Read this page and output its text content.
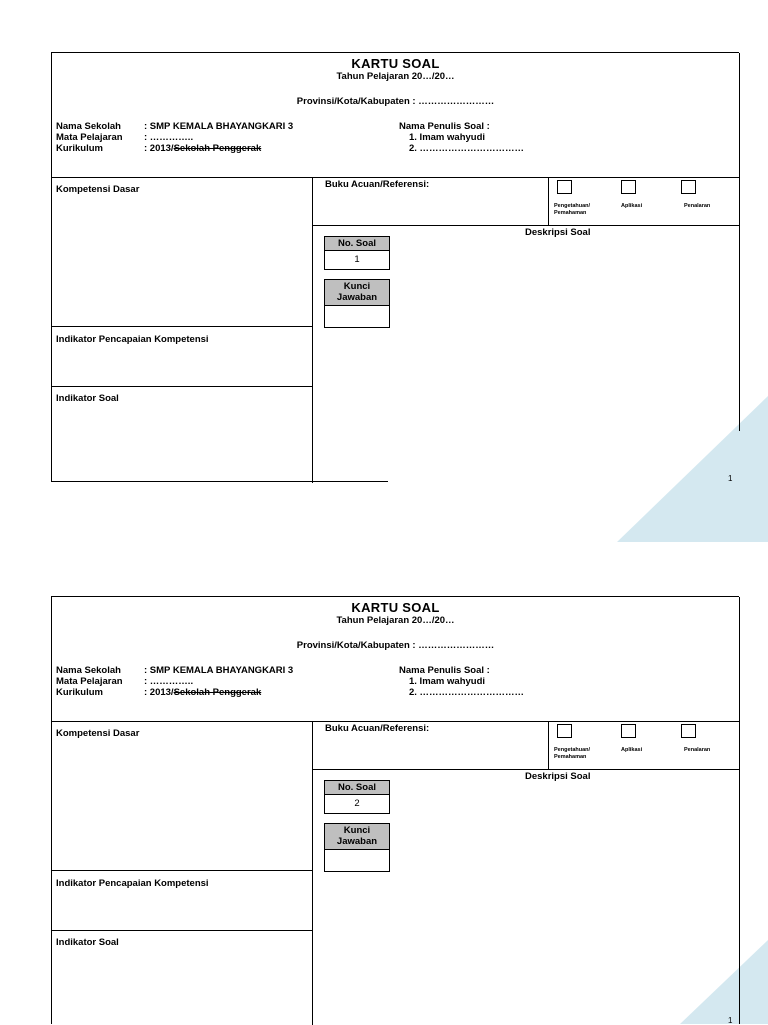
KARTU SOAL
Tahun Pelajaran 20…/20…
Provinsi/Kota/Kabupaten : ……………………
Nama Sekolah : SMP KEMALA BHAYANGKARI 3
Mata Pelajaran : …………..
Kurikulum	: 2013/Sekolah Penggerak
Nama Penulis Soal :
1. Imam wahyudi
2. ……………………………
Kompetensi Dasar	Buku Acuan/Referensi:
Pengetahuan/ Pemahaman
Aplikasi	Penalaran
Deskripsi Soal
No. Soal
1
Kunci Jawaban
Indikator Pencapaian Kompetensi
Indikator Soal
1
KARTU SOAL
Tahun Pelajaran 20…/20…
Provinsi/Kota/Kabupaten : ……………………
Nama Sekolah : SMP KEMALA BHAYANGKARI 3
Mata Pelajaran : …………..
Kurikulum	: 2013/Sekolah Penggerak
Nama Penulis Soal :
1. Imam wahyudi
2. ……………………………
Kompetensi Dasar	Buku Acuan/Referensi:
Pengetahuan/ Pemahaman
Aplikasi	Penalaran
Deskripsi Soal
No. Soal
2
Kunci Jawaban
Indikator Pencapaian Kompetensi
Indikator Soal
1
